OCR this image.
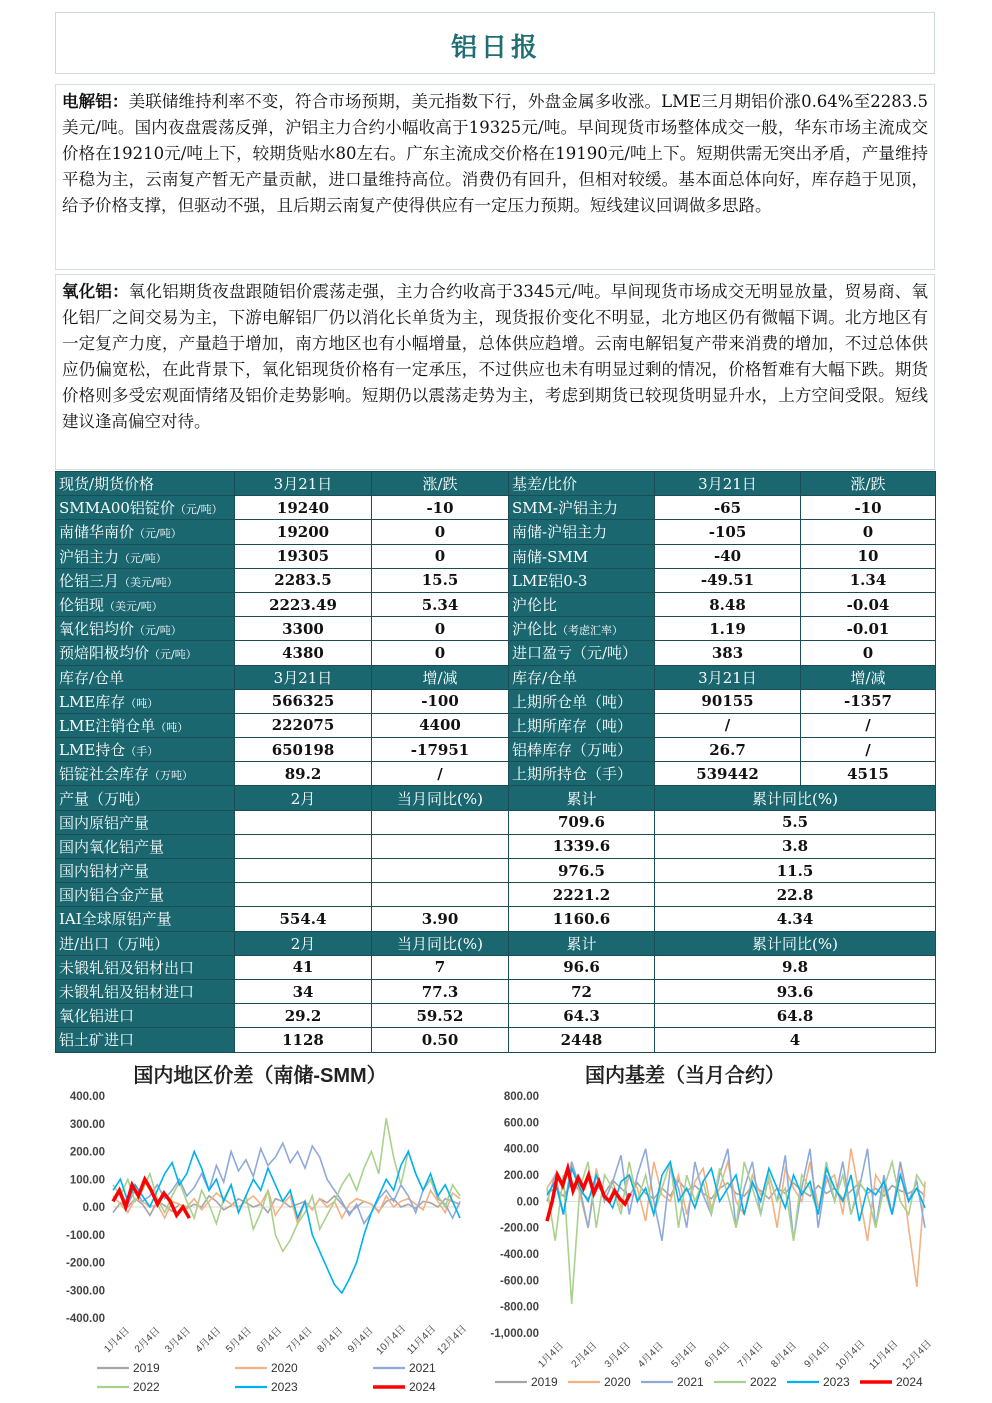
铝日报
电解铝：美联储维持利率不变，符合市场预期，美元指数下行，外盘金属多收涨。LME三月期铝价涨0.64%至2283.5美元/吨。国内夜盘震荡反弹，沪铝主力合约小幅收高于19325元/吨。早间现货市场整体成交一般，华东市场主流成交价格在19210元/吨上下，较期货贴水80左右。广东主流成交价格在19190元/吨上下。短期供需无突出矛盾，产量维持平稳为主，云南复产暂无产量贡献，进口量维持高位。消费仍有回升，但相对较缓。基本面总体向好，库存趋于见顶，给予价格支撑，但驱动不强，且后期云南复产使得供应有一定压力预期。短线建议回调做多思路。
氧化铝：氧化铝期货夜盘跟随铝价震荡走强，主力合约收高于3345元/吨。早间现货市场成交无明显放量，贸易商、氧化铝厂之间交易为主，下游电解铝厂仍以消化长单货为主，现货报价变化不明显，北方地区仍有微幅下调。北方地区有一定复产力度，产量趋于增加，南方地区也有小幅增量，总体供应趋增。云南电解铝复产带来消费的增加，不过总体供应仍偏宽松，在此背景下，氧化铝现货价格有一定承压，不过供应也未有明显过剩的情况，价格暂难有大幅下跌。期货价格则多受宏观面情绪及铝价走势影响。短期仍以震荡走势为主，考虑到期货已较现货明显升水，上方空间受限。短线建议逢高偏空对待。
现货/期货价格	3月21日	涨/跌	基差/比价	3月21日	涨/跌
SMMA00铝锭价（元/吨）	19240	-10	SMM-沪铝主力	-65	-10
南储华南价（元/吨）	19200	0	南储-沪铝主力	-105	0
沪铝主力（元/吨）	19305	0	南储-SMM	-40	10
伦铝三月（美元/吨）	2283.5	15.5	LME铝0-3	-49.51	1.34
伦铝现（美元/吨）	2223.49	5.34	沪伦比	8.48	-0.04
氧化铝均价（元/吨）	3300	0	沪伦比（考虑汇率）	1.19	-0.01
预焙阳极均价（元/吨）	4380	0	进口盈亏（元/吨）	383	0
库存/仓单	3月21日	增/减	库存/仓单	3月21日	增/减
LME库存（吨）	566325	-100	上期所仓单（吨）	90155	-1357
LME注销仓单（吨）	222075	4400	上期所库存（吨）	/	/
LME持仓（手）	650198	-17951	铝棒库存（万吨）	26.7	/
铝锭社会库存（万吨）	89.2	/	上期所持仓（手）	539442	4515
产量（万吨）	2月	当月同比(%)	累计	累计同比(%)	
国内原铝产量			709.6	5.5	
国内氧化铝产量			1339.6	3.8	
国内铝材产量			976.5	11.5	
国内铝合金产量			2221.2	22.8	
IAI全球原铝产量	554.4	3.90	1160.6	4.34	
进/出口（万吨）	2月	当月同比(%)	累计	累计同比(%)	
未锻轧铝及铝材出口	41	7	96.6	9.8	
未锻轧铝及铝材进口	34	77.3	72	93.6	
氧化铝进口	29.2	59.52	64.3	64.8	
铝土矿进口	1128	0.50	2448	4	
国内地区价差（南储-SMM）
400.00
300.00
200.00
100.00
0.00
-100.00
-200.00
-300.00
-400.00
1月4日 2月4日 3月4日 4月4日 5月4日 6月4日 7月4日 8月4日 9月4日
10月4日
11月4日
12月4日
2019	2020	2021
2022	2023	2024
国内基差（当月合约）
800.00
600.00
400.00
200.00
0.00
-200.00
-400.00
-600.00
-800.00
-1,000.00
1月4日 2月4日 3月4日 4月4日 5月4日 6月4日 7月4日 8月4日 9月4日 10月4日 11月4日 12月4日
2019	2020	2021	2022	2023	2024
